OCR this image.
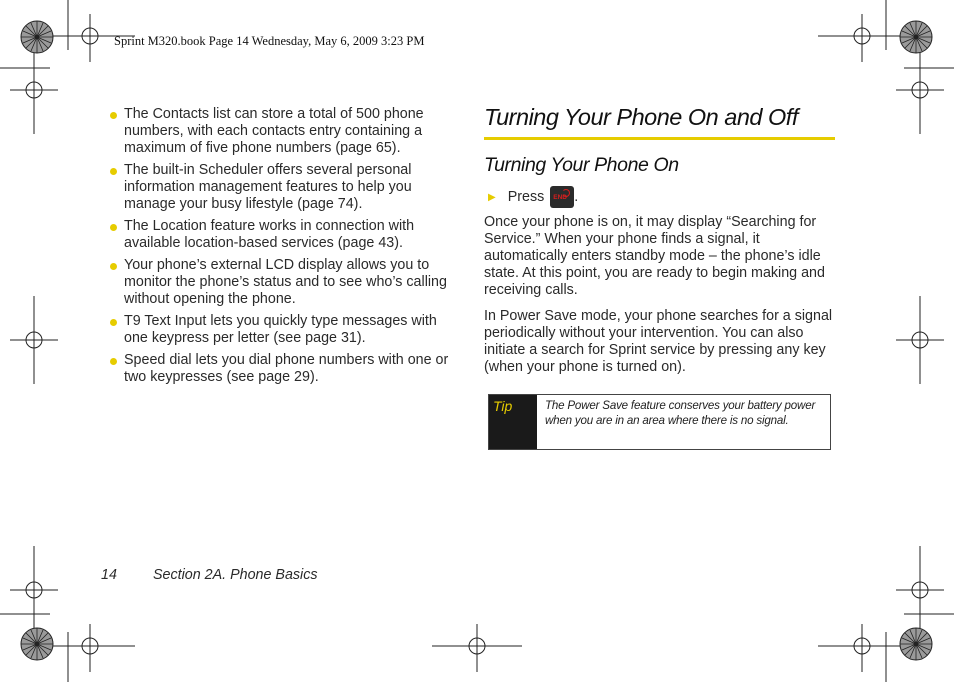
Sprint M320.book Page 14 Wednesday, May 6, 2009 3:23 PM
The Contacts list can store a total of 500 phone numbers, with each contacts entry containing a maximum of five phone numbers (page 65).
The built-in Scheduler offers several personal information management features to help you manage your busy lifestyle (page 74).
The Location feature works in connection with available location-based services (page 43).
Your phone’s external LCD display allows you to monitor the phone’s status and to see who’s calling without opening the phone.
T9 Text Input lets you quickly type messages with one keypress per letter (see page 31).
Speed dial lets you dial phone numbers with one or two keypresses (see page 29).
Turning Your Phone On and Off
Turning Your Phone On
▶ Press END .

Once your phone is on, it may display “Searching for Service.” When your phone finds a signal, it automatically enters standby mode – the phone’s idle state. At this point, you are ready to begin making and receiving calls.

In Power Save mode, your phone searches for a signal periodically without your intervention. You can also initiate a search for Sprint service by pressing any key (when your phone is turned on).

Tip	The Power Save feature conserves your battery power when you are in an area where there is no signal.
14	Section 2A. Phone Basics
